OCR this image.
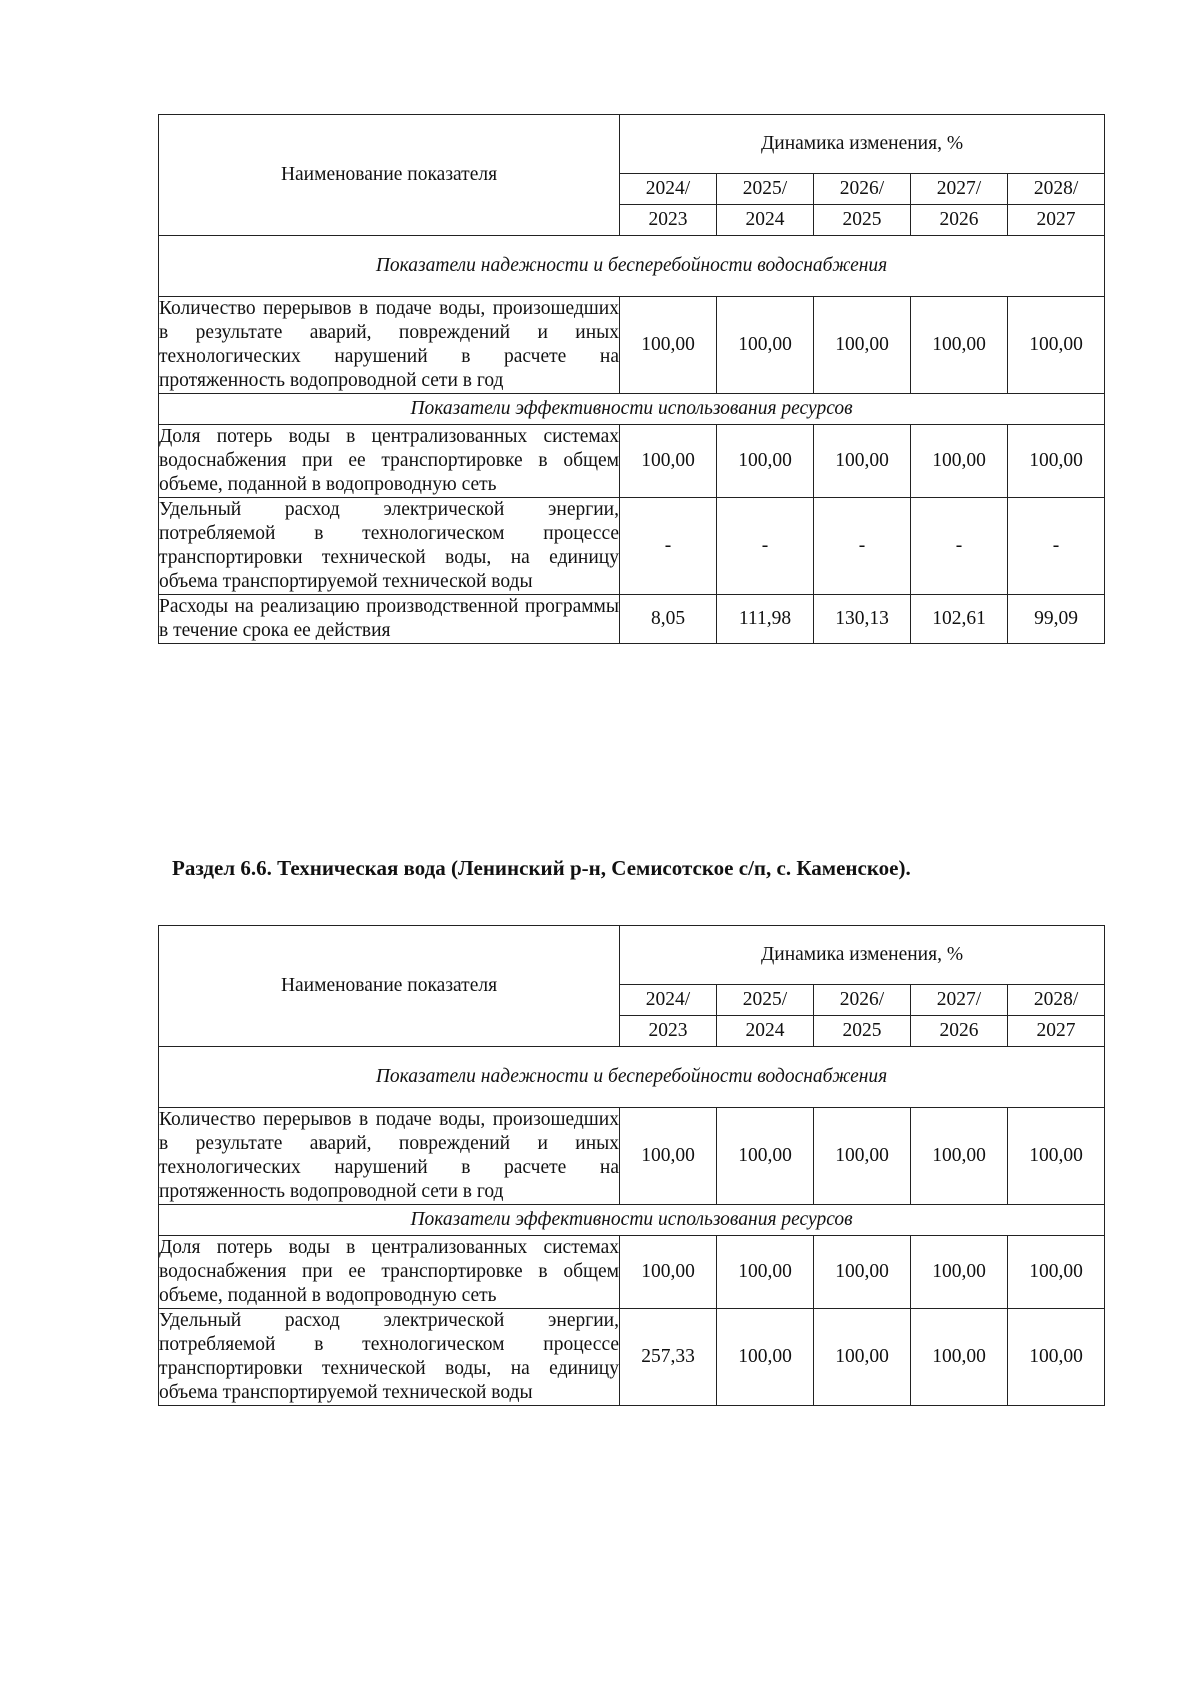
Наименование показателя	Динамика изменения, %				
	2024/	2025/	2026/	2027/	2028/
	2023	2024	2025	2026	2027
Показатели надежности и бесперебойности водоснабжения					
Количество перерывов в подаче воды, произошедших в результате аварий, повреждений и иных технологических нарушений в расчете на протяженность водопроводной сети в год	100,00	100,00	100,00	100,00	100,00
Показатели эффективности использования ресурсов					
Доля потерь воды в централизованных системах водоснабжения при ее транспортировке в общем объеме, поданной в водопроводную сеть	100,00	100,00	100,00	100,00	100,00
Удельный расход электрической энергии, потребляемой в технологическом процессе транспортировки технической воды, на единицу объема транспортируемой технической воды	-	-	-	-	-
Расходы на реализацию производственной программы в течение срока ее действия	8,05	111,98	130,13	102,61	99,09
Раздел 6.6. Техническая вода (Ленинский р-н, Семисотское с/п, с. Каменское).
Наименование показателя	Динамика изменения, %				
	2024/	2025/	2026/	2027/	2028/
	2023	2024	2025	2026	2027
Показатели надежности и бесперебойности водоснабжения					
Количество перерывов в подаче воды, произошедших в результате аварий, повреждений и иных технологических нарушений в расчете на протяженность водопроводной сети в год	100,00	100,00	100,00	100,00	100,00
Показатели эффективности использования ресурсов					
Доля потерь воды в централизованных системах водоснабжения при ее транспортировке в общем объеме, поданной в водопроводную сеть	100,00	100,00	100,00	100,00	100,00
Удельный расход электрической энергии, потребляемой в технологическом процессе транспортировки технической воды, на единицу объема транспортируемой технической воды	257,33	100,00	100,00	100,00	100,00
